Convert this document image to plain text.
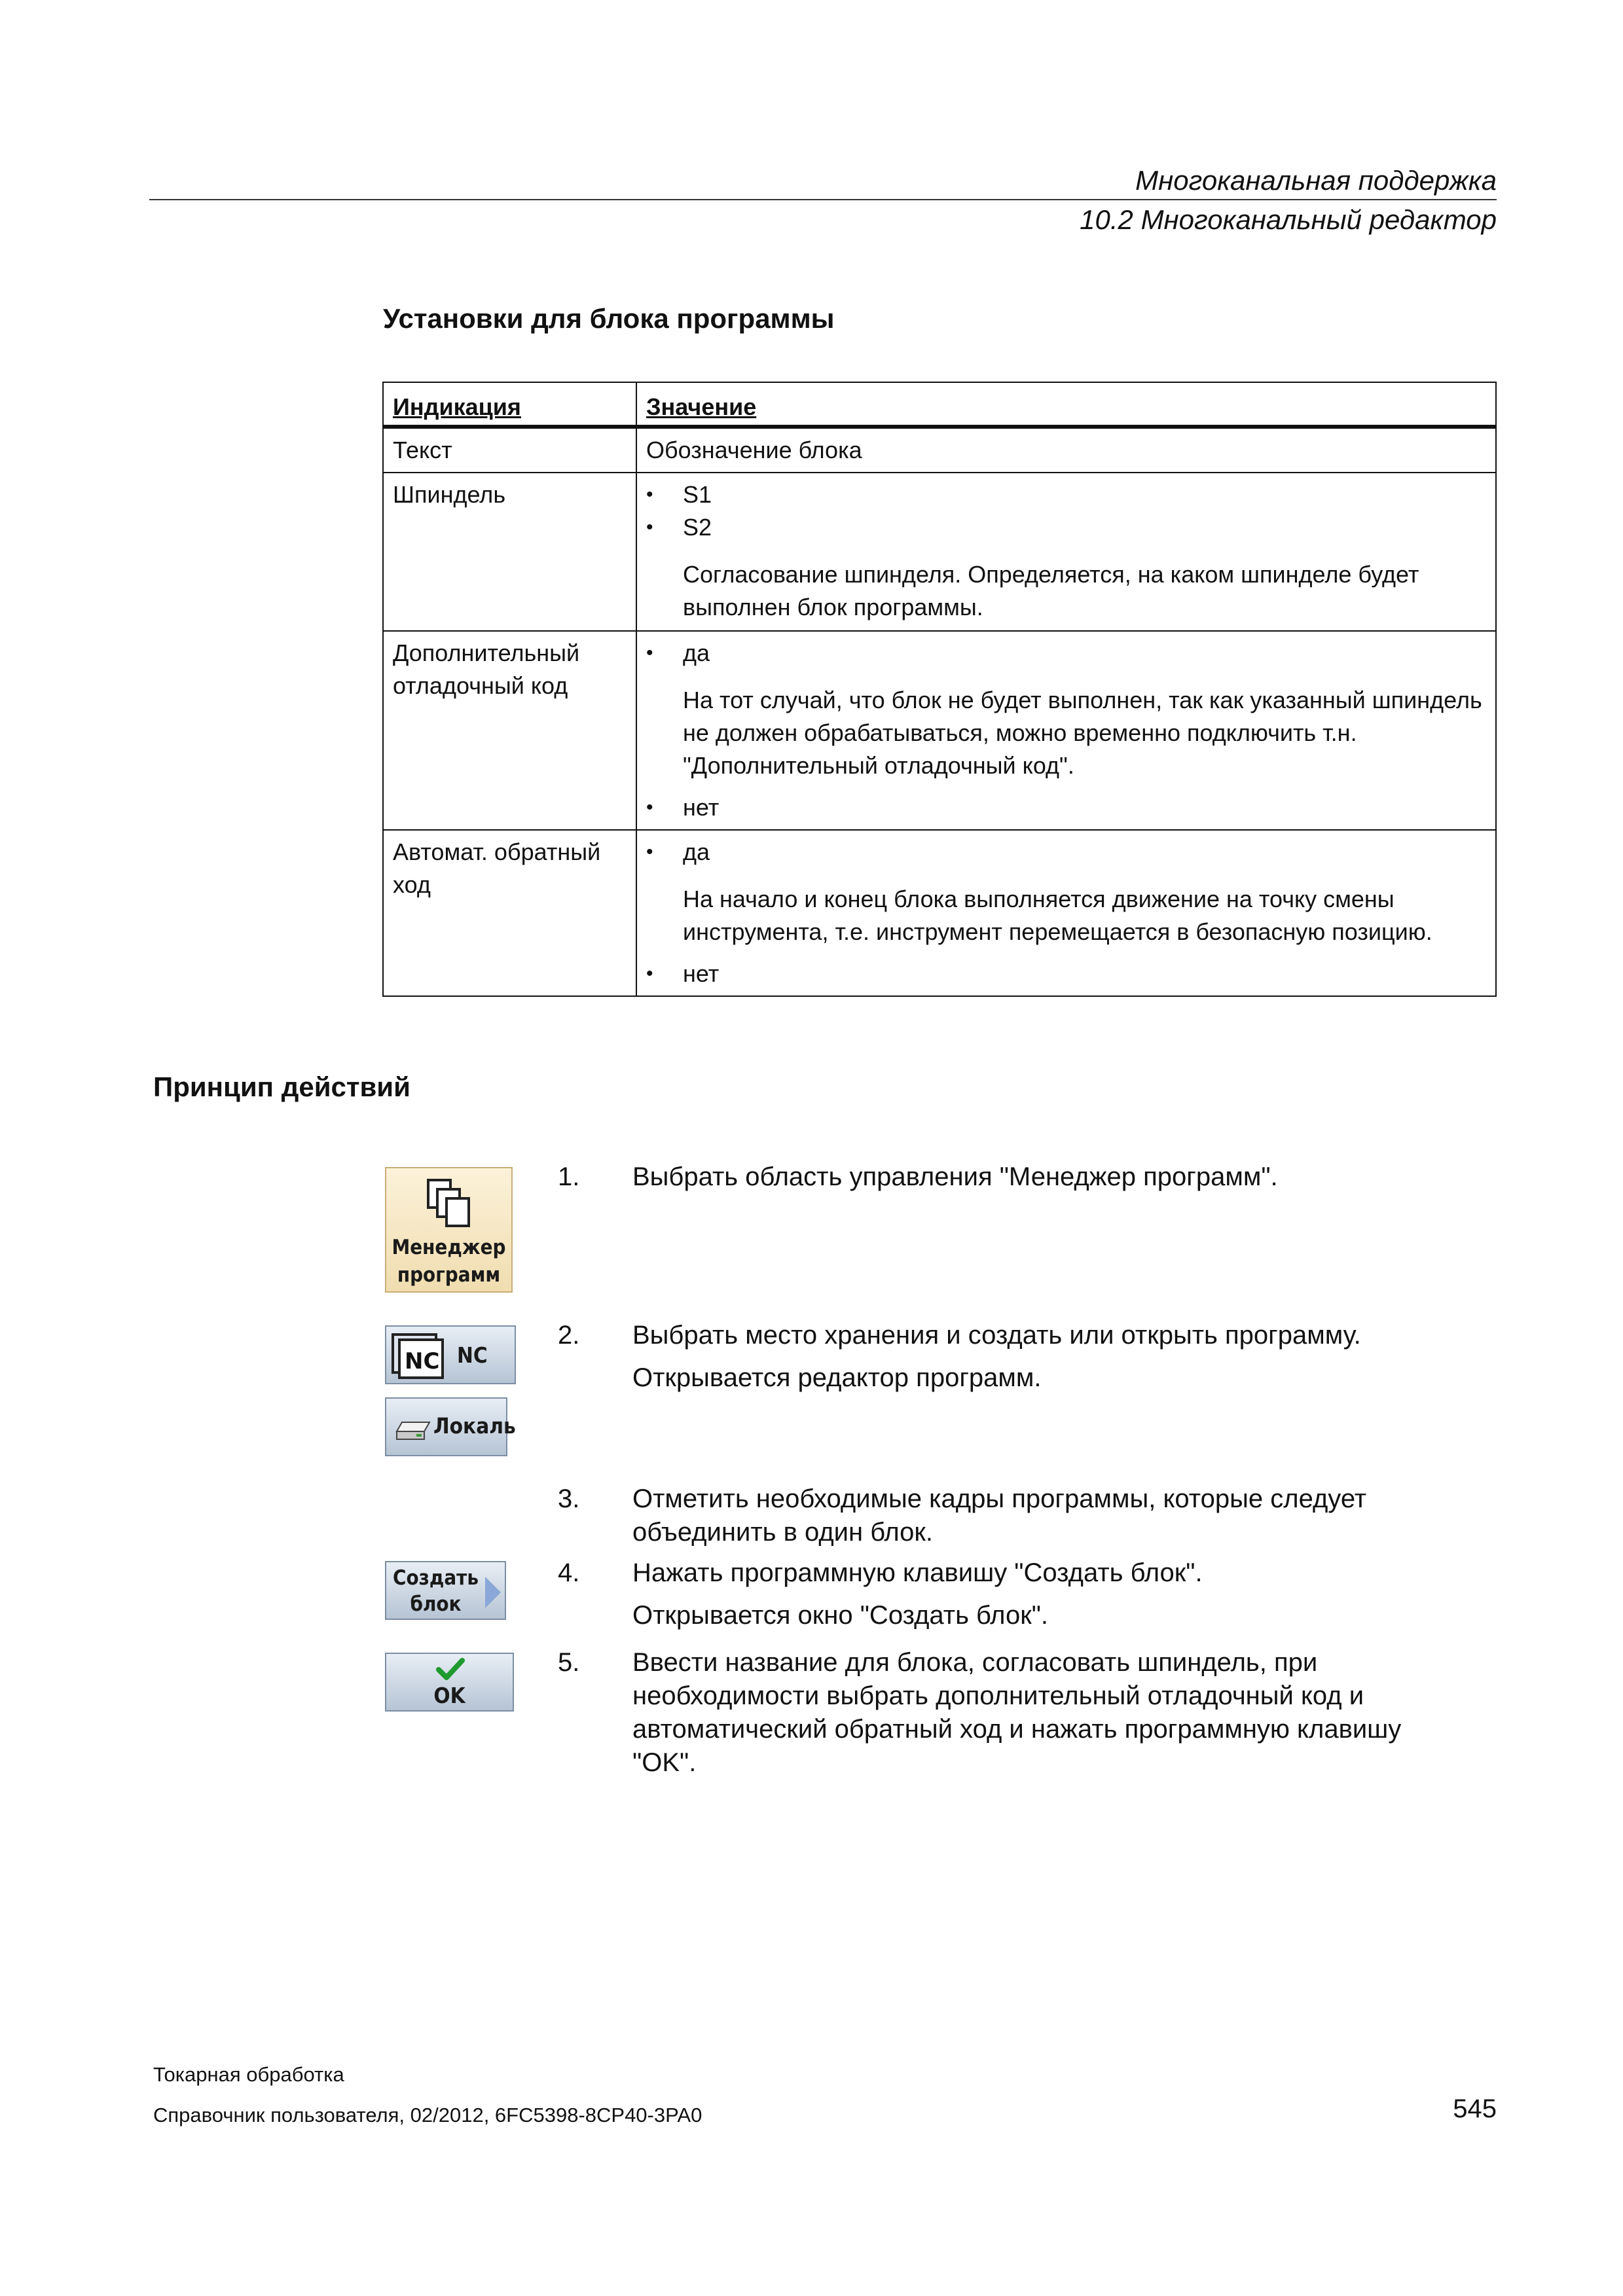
Многоканальная поддержка
10.2 Многоканальный редактор
Установки для блока программы
Индикация	Значение
Текст	Обозначение блока
Шпиндель	• S1
• S2
Согласование шпинделя. Определяется, на каком шпинделе будет выполнен блок программы.

Дополнительный отладочный код	• да
На тот случай, что блок не будет выполнен, так как указанный шпиндель не должен обрабатываться, можно временно подключить т.н. "Дополнительный отладочный код".
• нет

Автомат. обратный ход	• да
На начало и конец блока выполняется движение на точку смены инструмента, т.е. инструмент перемещается в безопасную позицию.
• нет
Принцип действий
Менеджер
программ
NC NC
Локаль
Создать
блок
OK
1. Выбрать область управления "Менеджер программ".
2. Выбрать место хранения и создать или открыть программу.
Открывается редактор программ.
3. Отметить необходимые кадры программы, которые следует объединить в один блок.
4. Нажать программную клавишу "Создать блок".
Открывается окно "Создать блок".
5. Ввести название для блока, согласовать шпиндель, при необходимости выбрать дополнительный отладочный код и автоматический обратный ход и нажать программную клавишу "OK".
Токарная обработка
Справочник пользователя, 02/2012, 6FC5398-8CP40-3PA0	545
